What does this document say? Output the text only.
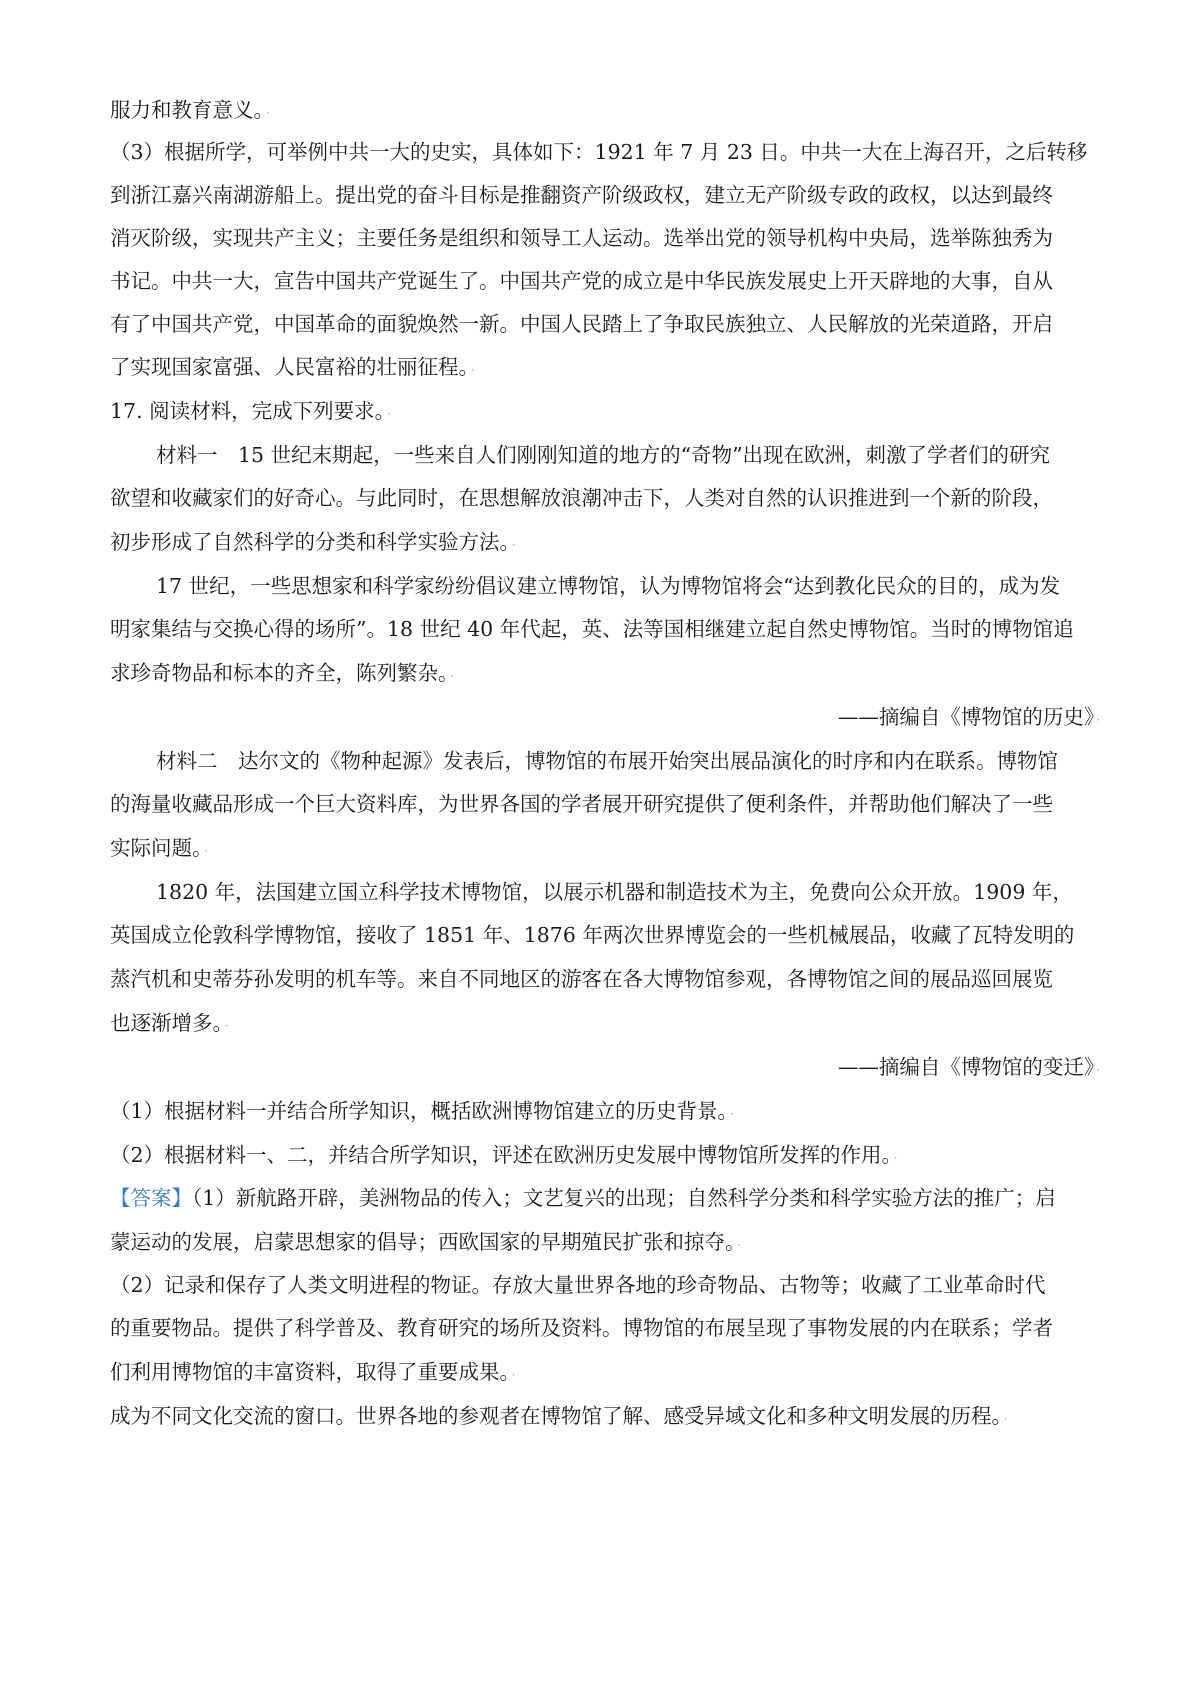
服力和教育意义。 ·
（3）根据所学，可举例中共一大的史实，具体如下：1921 年 7 月 23 日。中共一大在上海召开，之后转移
到浙江嘉兴南湖游船上。提出党的奋斗目标是推翻资产阶级政权，建立无产阶级专政的政权，以达到最终
消灭阶级，实现共产主义；主要任务是组织和领导工人运动。选举出党的领导机构中央局，选举陈独秀为
书记。中共一大，宣告中国共产党诞生了。中国共产党的成立是中华民族发展史上开天辟地的大事，自从
有了中国共产党，中国革命的面貌焕然一新。中国人民踏上了争取民族独立、人民解放的光荣道路，开启
了实现国家富强、人民富裕的壮丽征程。 ·
17. 阅读材料，完成下列要求。 ·
材料一　15 世纪末期起，一些来自人们刚刚知道的地方的“奇物”出现在欧洲，刺激了学者们的研究
欲望和收藏家们的好奇心。与此同时，在思想解放浪潮冲击下，人类对自然的认识推进到一个新的阶段，
初步形成了自然科学的分类和科学实验方法。 ·
17 世纪，一些思想家和科学家纷纷倡议建立博物馆，认为博物馆将会“达到教化民众的目的，成为发
明家集结与交换心得的场所”。18 世纪 40 年代起，英、法等国相继建立起自然史博物馆。当时的博物馆追
求珍奇物品和标本的齐全，陈列繁杂。 ·
——摘编自《博物馆的历史》 ·
材料二　达尔文的《物种起源》发表后，博物馆的布展开始突出展品演化的时序和内在联系。博物馆
的海量收藏品形成一个巨大资料库，为世界各国的学者展开研究提供了便利条件，并帮助他们解决了一些
实际问题。 ·
1820 年，法国建立国立科学技术博物馆，以展示机器和制造技术为主，免费向公众开放。1909 年，
英国成立伦敦科学博物馆，接收了 1851 年、1876 年两次世界博览会的一些机械展品，收藏了瓦特发明的
蒸汽机和史蒂芬孙发明的机车等。来自不同地区的游客在各大博物馆参观，各博物馆之间的展品巡回展览
也逐渐增多。 ·
——摘编自《博物馆的变迁》 ·
（1）根据材料一并结合所学知识，概括欧洲博物馆建立的历史背景。 ·
（2）根据材料一、二，并结合所学知识，评述在欧洲历史发展中博物馆所发挥的作用。 ·
【答案】（1）新航路开辟，美洲物品的传入；文艺复兴的出现；自然科学分类和科学实验方法的推广；启
蒙运动的发展，启蒙思想家的倡导；西欧国家的早期殖民扩张和掠夺。 ·
（2）记录和保存了人类文明进程的物证。存放大量世界各地的珍奇物品、古物等；收藏了工业革命时代
的重要物品。提供了科学普及、教育研究的场所及资料。博物馆的布展呈现了事物发展的内在联系；学者
们利用博物馆的丰富资料，取得了重要成果。 ·
成为不同文化交流的窗口。世界各地的参观者在博物馆了解、感受异域文化和多种文明发展的历程。 ·
